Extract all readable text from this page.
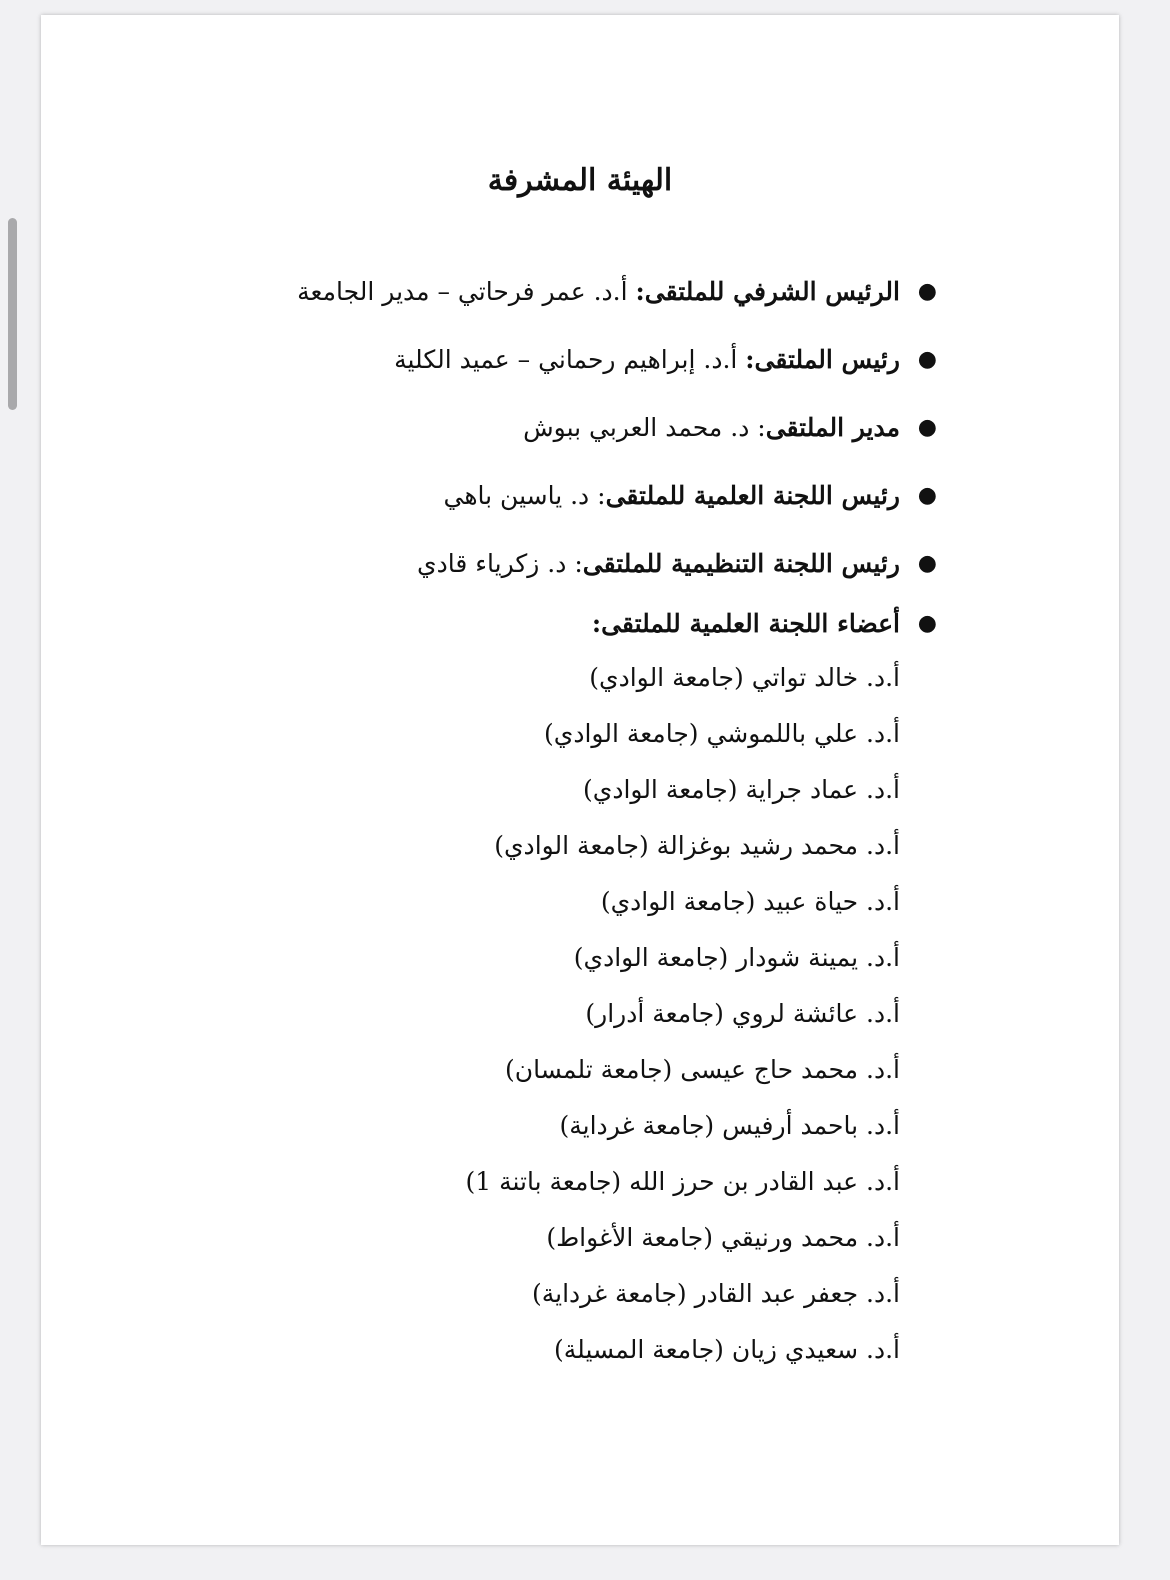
الهيئة المشرفة
●
الرئيس الشرفي للملتقى: أ.د. عمر فرحاتي – مدير الجامعة
●
رئيس الملتقى: أ.د. إبراهيم رحماني – عميد الكلية
●
مدير الملتقى: د. محمد العربي ببوش
●
رئيس اللجنة العلمية للملتقى: د. ياسين باهي
●
رئيس اللجنة التنظيمية للملتقى: د. زكرياء قادي
●
أعضاء اللجنة العلمية للملتقى:
أ.د. خالد تواتي (جامعة الوادي)
أ.د. علي باللموشي (جامعة الوادي)
أ.د. عماد جراية (جامعة الوادي)
أ.د. محمد رشيد بوغزالة (جامعة الوادي)
أ.د. حياة عبيد (جامعة الوادي)
أ.د. يمينة شودار (جامعة الوادي)
أ.د. عائشة لروي (جامعة أدرار)
أ.د. محمد حاج عيسى (جامعة تلمسان)
أ.د. باحمد أرفيس (جامعة غرداية)
أ.د. عبد القادر بن حرز الله (جامعة باتنة 1)
أ.د. محمد ورنيقي (جامعة الأغواط)
أ.د. جعفر عبد القادر (جامعة غرداية)
أ.د. سعيدي زيان (جامعة المسيلة)
